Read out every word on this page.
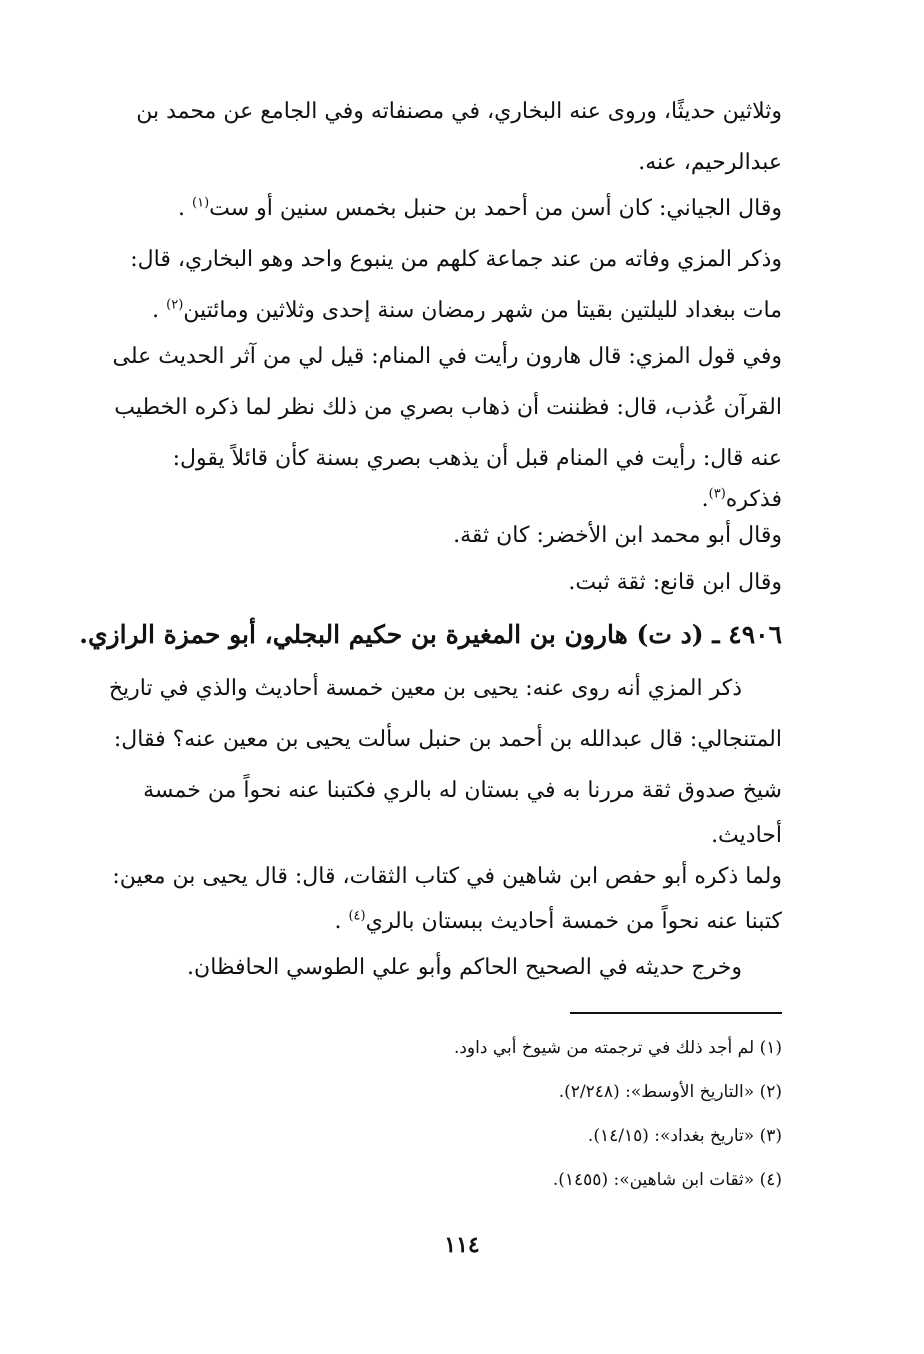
وثلاثين حديثًا، وروى عنه البخاري، في مصنفاته وفي الجامع عن محمد بن
عبدالرحيم، عنه.
وقال الجياني: كان أسن من أحمد بن حنبل بخمس سنين أو ست$^{(١)}$ .
وذكر المزي وفاته من عند جماعة كلهم من ينبوع واحد وهو البخاري، قال:
مات ببغداد لليلتين بقيتا من شهر رمضان سنة إحدى وثلاثين ومائتين$^{(٢)}$ .
وفي قول المزي: قال هارون رأيت في المنام: قيل لي من آثر الحديث على
القرآن عُذب، قال: فظننت أن ذهاب بصري من ذلك نظر لما ذكره الخطيب
عنه قال: رأيت في المنام قبل أن يذهب بصري بسنة كأن قائلاً يقول:
فذكره$^{(٣)}$.
وقال أبو محمد ابن الأخضر: كان ثقة.
وقال ابن قانع: ثقة ثبت.
٤٩٠٦ ـ (د ت) هارون بن المغيرة بن حكيم البجلي، أبو حمزة الرازي.
ذكر المزي أنه روى عنه: يحيى بن معين خمسة أحاديث والذي في تاريخ
المتنجالي: قال عبدالله بن أحمد بن حنبل سألت يحيى بن معين عنه؟ فقال:
شيخ صدوق ثقة مررنا به في بستان له بالري فكتبنا عنه نحواً من خمسة
أحاديث.
ولما ذكره أبو حفص ابن شاهين في كتاب الثقات، قال: قال يحيى بن معين:
كتبنا عنه نحواً من خمسة أحاديث ببستان بالري$^{(٤)}$ .
وخرج حديثه في الصحيح الحاكم وأبو علي الطوسي الحافظان.
(١) لم أجد ذلك في ترجمته من شيوخ أبي داود.
(٢) «التاريخ الأوسط»: (٢/٢٤٨).
(٣) «تاريخ بغداد»: (١٤/١٥).
(٤) «ثقات ابن شاهين»: (١٤٥٥).
١١٤
